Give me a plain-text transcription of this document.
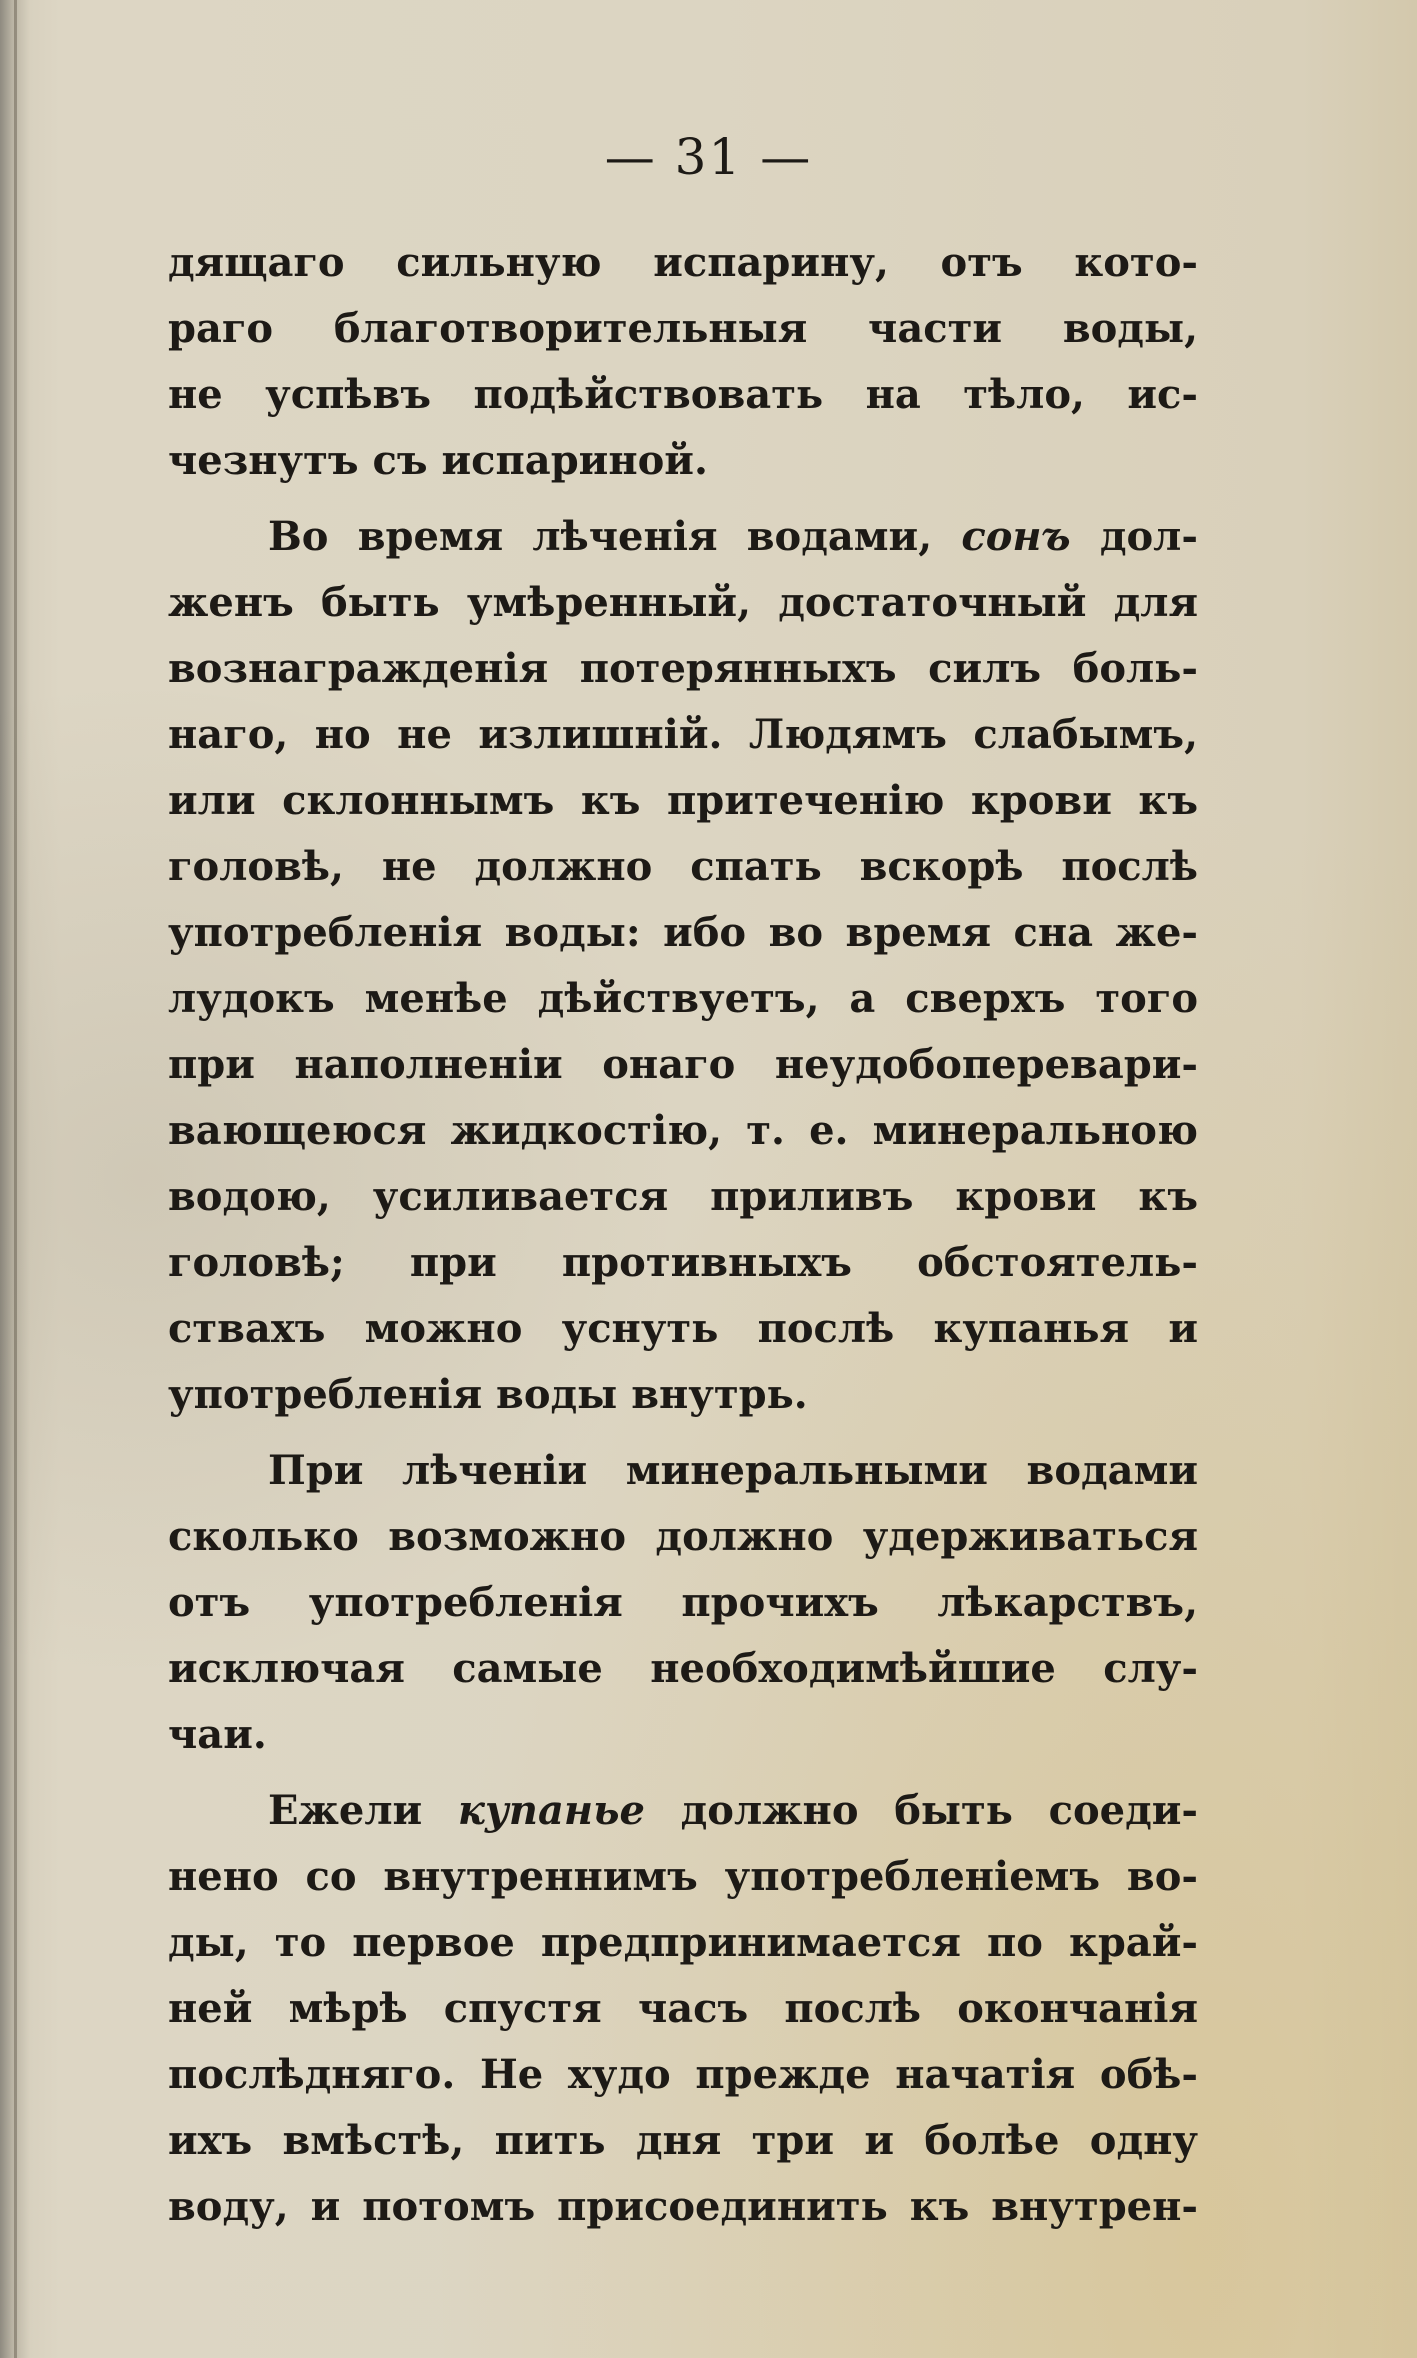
— 31 —
дящаго сильную испарину, отъ кото-
раго благотворительныя части воды,
не успѣвъ подѣйствовать на тѣло, ис-
чезнутъ съ испариной.
Во время лѣченія водами, сонъ дол-
женъ быть умѣренный, достаточный для
вознагражденія потерянныхъ силъ боль-
наго, но не излишній. Людямъ слабымъ,
или склоннымъ къ притеченію крови къ
головѣ, не должно спать вскорѣ послѣ
употребленія воды: ибо во время сна же-
лудокъ менѣе дѣйствуетъ, а сверхъ того
при наполненіи онаго неудобоперевари-
вающеюся жидкостію, т. е. минеральною
водою, усиливается приливъ крови къ
головѣ; при противныхъ обстоятель-
ствахъ можно уснуть послѣ купанья и
употребленія воды внутрь.
При лѣченіи минеральными водами
сколько возможно должно удерживаться
отъ употребленія прочихъ лѣкарствъ,
исключая самые необходимѣйшие слу-
чаи.
Ежели купанье должно быть соеди-
нено со внутреннимъ употребленіемъ во-
ды, то первое предпринимается по край-
ней мѣрѣ спустя часъ послѣ окончанія
послѣдняго. Не худо прежде начатія обѣ-
ихъ вмѣстѣ, пить дня три и болѣе одну
воду, и потомъ присоединить къ внутрен-
